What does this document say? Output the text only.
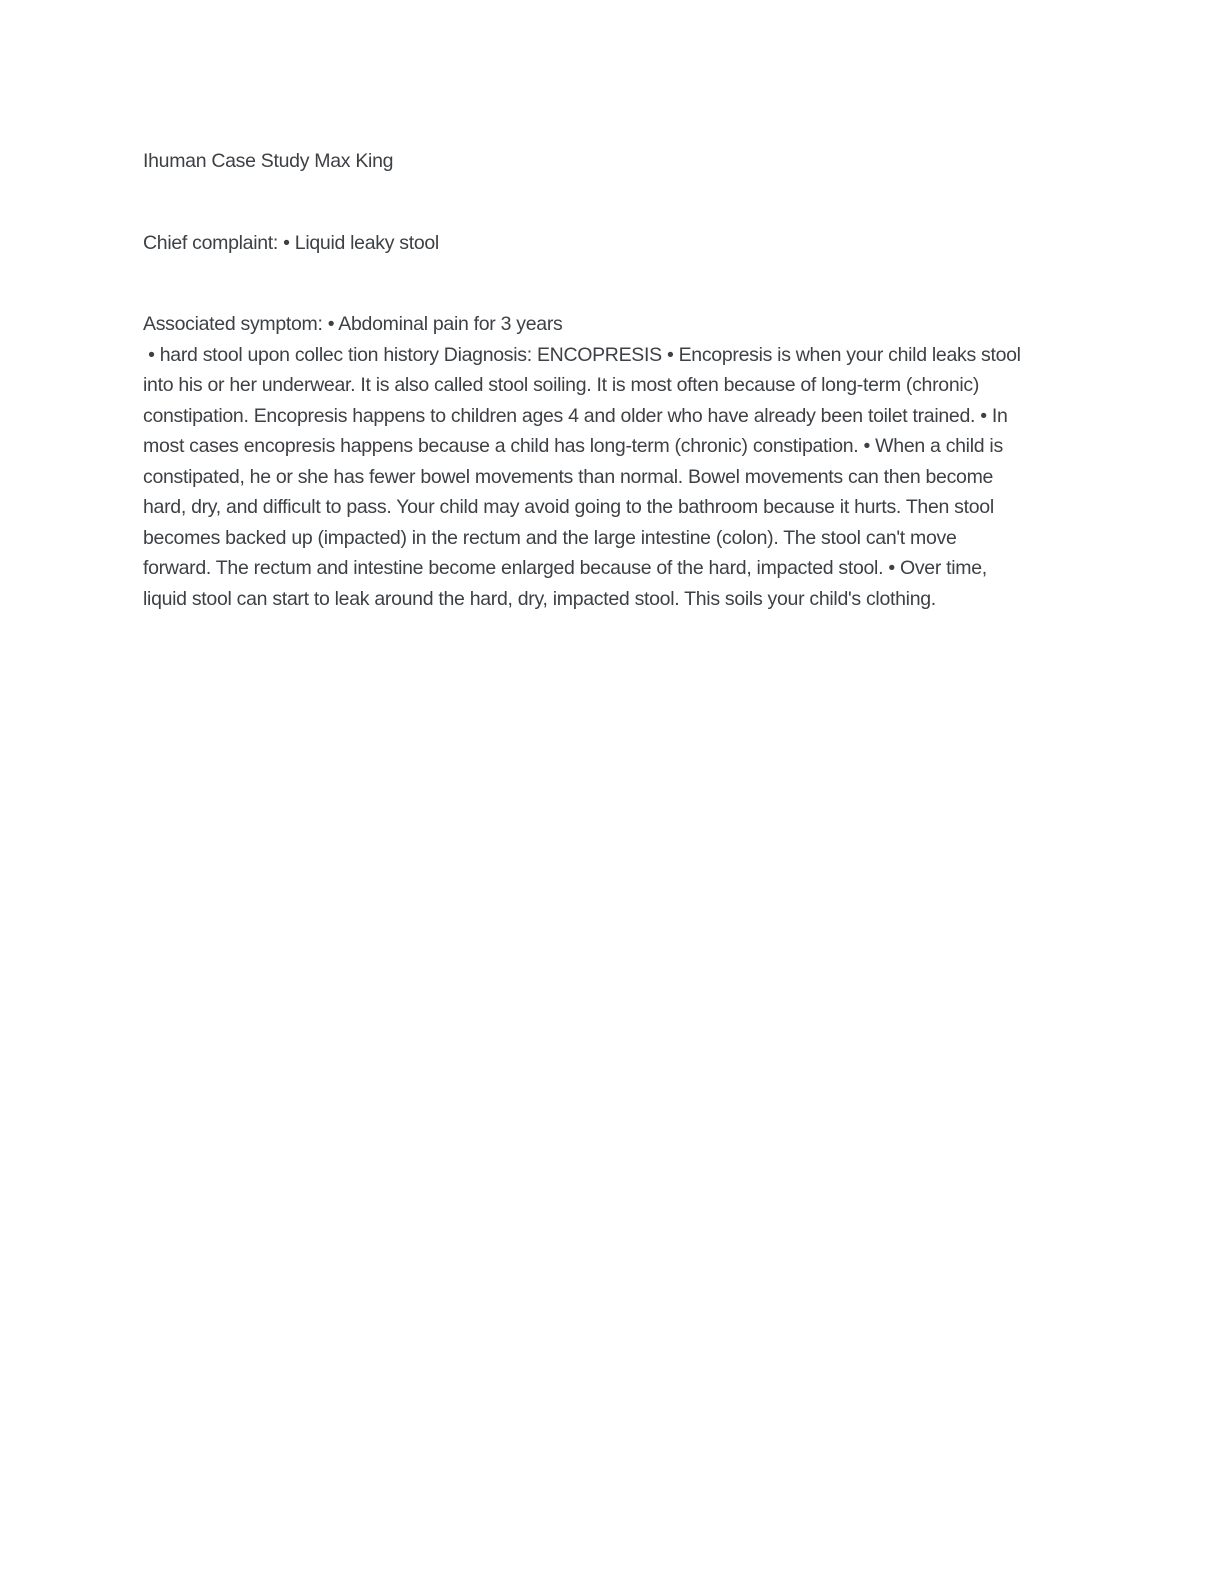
Ihuman Case Study Max King
Chief complaint: • Liquid leaky stool
Associated symptom: • Abdominal pain for 3 years
• hard stool upon collec tion history Diagnosis: ENCOPRESIS • Encopresis is when your child leaks stool
into his or her underwear. It is also called stool soiling. It is most often because of long-term (chronic)
constipation. Encopresis happens to children ages 4 and older who have already been toilet trained. • In
most cases encopresis happens because a child has long-term (chronic) constipation. • When a child is
constipated, he or she has fewer bowel movements than normal. Bowel movements can then become
hard, dry, and difficult to pass. Your child may avoid going to the bathroom because it hurts. Then stool
becomes backed up (impacted) in the rectum and the large intestine (colon). The stool can't move
forward. The rectum and intestine become enlarged because of the hard, impacted stool. • Over time,
liquid stool can start to leak around the hard, dry, impacted stool. This soils your child's clothing.
